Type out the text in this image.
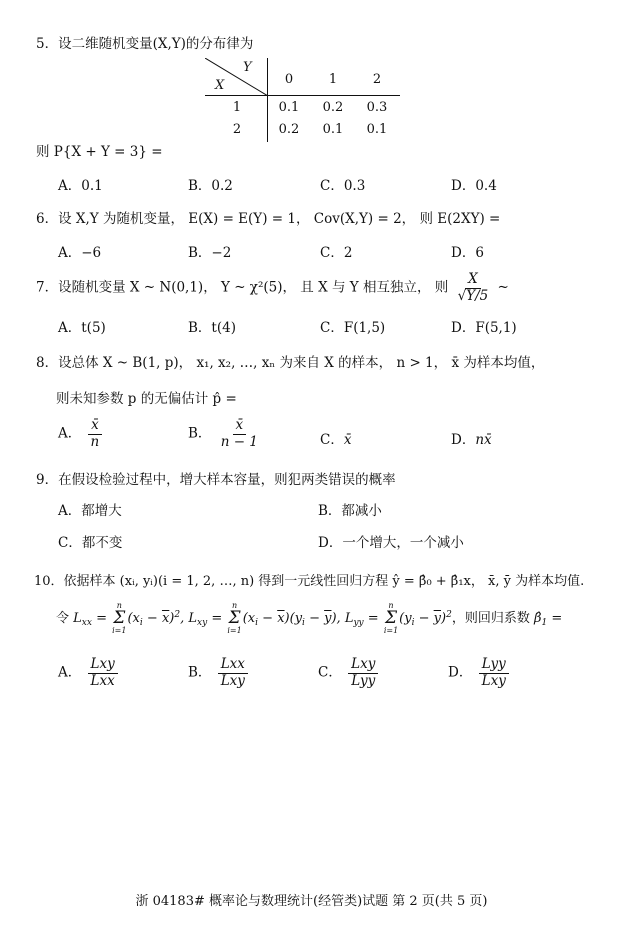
5．设二维随机变量(X,Y)的分布律为
Y
X	0	1	2
1	0.1	0.2	0.3
2	0.2	0.1	0.1
则 P{X + Y = 3} =
A．0.1	B．0.2	C．0.3	D．0.4
6．设 X,Y 为随机变量， E(X) = E(Y) = 1， Cov(X,Y) = 2， 则 E(2XY) =
A．−6	B．−2	C．2	D．6
7．设随机变量 X ~ N(0,1)， Y ~ χ²(5)， 且 X 与 Y 相互独立， 则 $\frac{X}{√Y/5}$ ~
A．t(5)	B．t(4)	C．F(1,5)	D．F(5,1)
8．设总体 X ~ B(1, p)， x₁, x₂, …, xₙ 为来自 X 的样本， n > 1， x̄ 为样本均值，
则未知参数 p 的无偏估计 p̂ =
A． $\frac{x̄}{n}$	B． $\frac{x̄}{n - 1}$	C．x̄	D．nx̄
9．在假设检验过程中，增大样本容量，则犯两类错误的概率
A．都增大	B．都减小
C．都不变	D．一个增大，一个减小
10．依据样本 (xᵢ, yᵢ)(i = 1, 2, …, n) 得到一元线性回归方程 ŷ = β̂₀ + β̂₁x， x̄, ȳ 为样本均值.
令 $L_{xx}$ =
n
Σ
i=1
$(x_i - \overline{x})^2$, $L_{xy}$ =
n
Σ
i=1
$(x_i - \overline{x})(y_i - \overline{y})$, $L_{yy}$ =
n
Σ
i=1
$(y_i - \overline{y})^2$，则回归系数 $\betâ_1$ =
A． $\frac{\text{Lxy}}{\text{Lxx}}$	B． $\frac{\text{Lxx}}{\text{Lxy}}$	C． $\frac{\text{Lxy}}{\text{Lyy}}$	D． $\frac{\text{Lyy}}{\text{Lxy}}$
浙 04183# 概率论与数理统计(经管类)试题 第 2 页(共 5 页)
